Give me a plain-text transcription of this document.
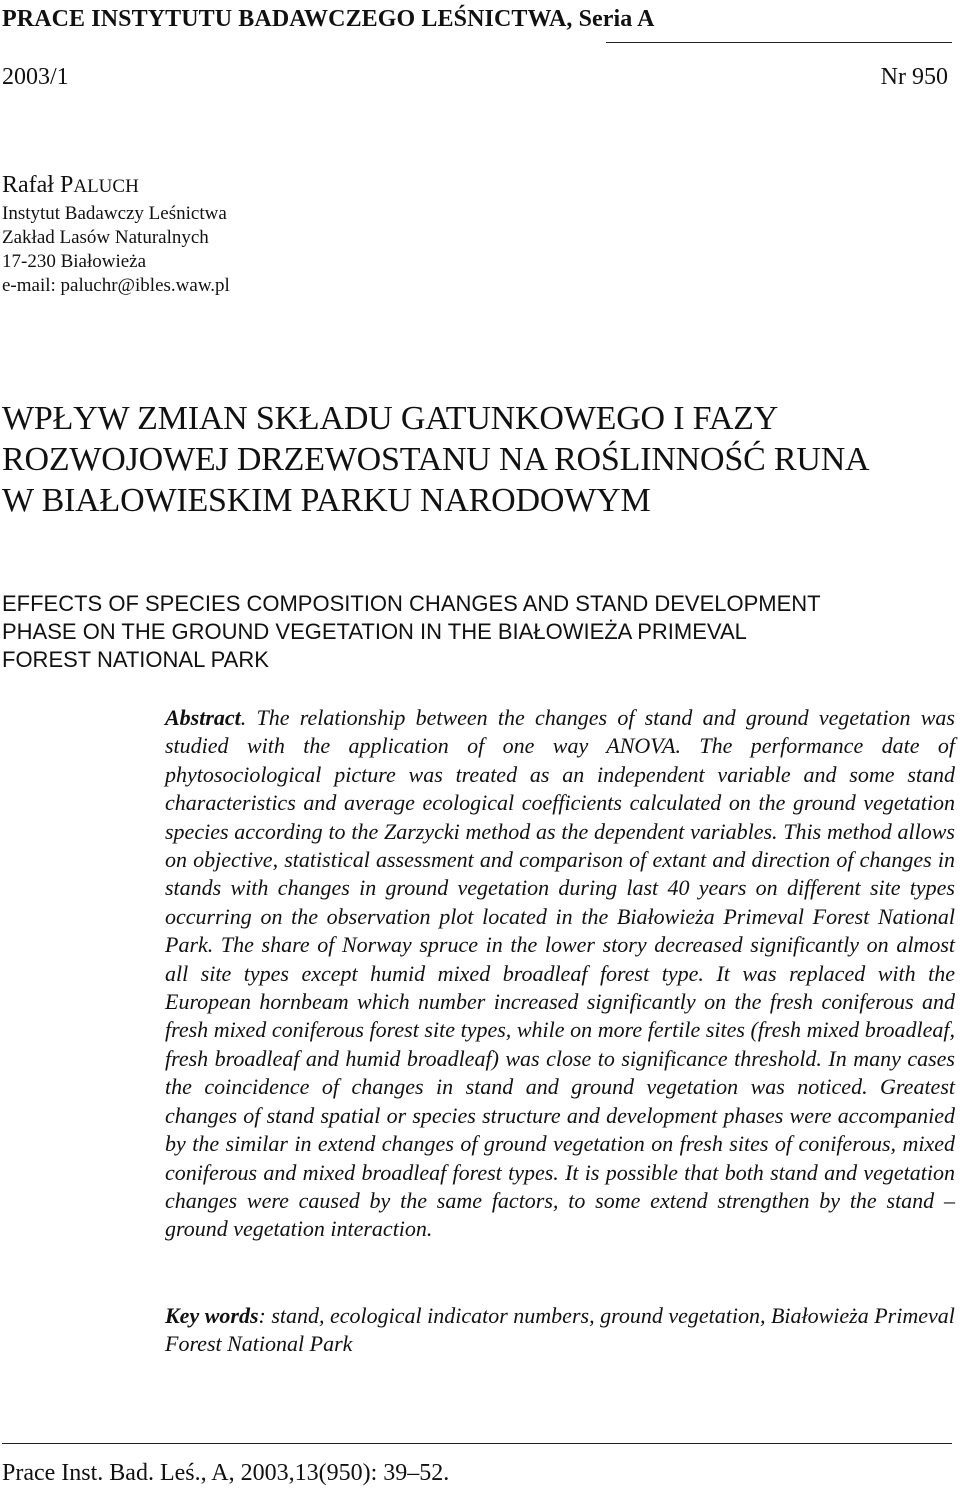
PRACE INSTYTUTU BADAWCZEGO LEŚNICTWA, Seria A
2003/1	Nr 950
Rafał PALUCH
Instytut Badawczy Leśnictwa
Zakład Lasów Naturalnych
17-230 Białowieża
e-mail: paluchr@ibles.waw.pl
WPŁYW ZMIAN SKŁADU GATUNKOWEGO I FAZY
ROZWOJOWEJ DRZEWOSTANU NA ROŚLINNOŚĆ RUNA
W BIAŁOWIESKIM PARKU NARODOWYM
EFFECTS OF SPECIES COMPOSITION CHANGES AND STAND DEVELOPMENT
PHASE ON THE GROUND VEGETATION IN THE BIAŁOWIEŻA PRIMEVAL
FOREST NATIONAL PARK

Abstract. The relationship between the changes of stand and ground vegetation was studied with the application of one way ANOVA. The performance date of phytosociological picture was treated as an independent variable and some stand characteristics and average ecological coefficients calculated on the ground vegetation species according to the Zarzycki method as the dependent variables. This method allows on objective, statistical assessment and comparison of extant and direction of changes in stands with changes in ground vegetation during last 40 years on different site types occurring on the observation plot located in the Białowieża Primeval Forest National Park. The share of Norway spruce in the lower story decreased significantly on almost all site types except humid mixed broadleaf forest type. It was replaced with the European hornbeam which number increased significantly on the fresh coniferous and fresh mixed coniferous forest site types, while on more fertile sites (fresh mixed broadleaf, fresh broadleaf and humid broadleaf) was close to significance threshold. In many cases the coincidence of changes in stand and ground vegetation was noticed. Greatest changes of stand spatial or species structure and development phases were accompanied by the similar in extend changes of ground vegetation on fresh sites of coniferous, mixed coniferous and mixed broadleaf forest types. It is possible that both stand and vegetation changes were caused by the same factors, to some extend strengthen by the stand – ground vegetation interaction.

Key words: stand, ecological indicator numbers, ground vegetation, Białowieża Primeval Forest National Park

Prace Inst. Bad. Leś., A, 2003,13(950): 39–52.
